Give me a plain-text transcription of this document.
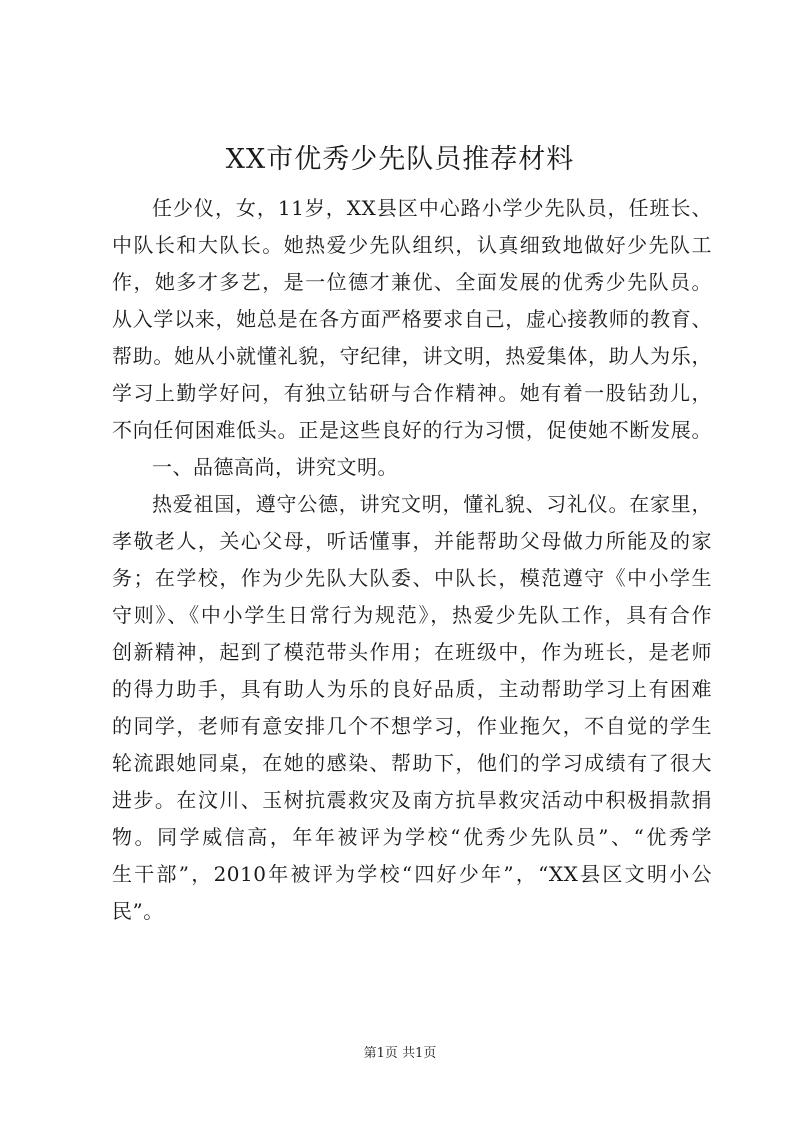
XX市优秀少先队员推荐材料
任少仪，女，11岁，XX县区中心路小学少先队员，任班长、
中队长和大队长。她热爱少先队组织，认真细致地做好少先队工
作，她多才多艺，是一位德才兼优、全面发展的优秀少先队员。
从入学以来，她总是在各方面严格要求自己，虚心接教师的教育、
帮助。她从小就懂礼貌，守纪律，讲文明，热爱集体，助人为乐，
学习上勤学好问，有独立钻研与合作精神。她有着一股钻劲儿，
不向任何困难低头。正是这些良好的行为习惯，促使她不断发展。
一、品德高尚，讲究文明。
热爱祖国，遵守公德，讲究文明，懂礼貌、习礼仪。在家里，
孝敬老人，关心父母，听话懂事，并能帮助父母做力所能及的家
务；在学校，作为少先队大队委、中队长，模范遵守《中小学生
守则》、《中小学生日常行为规范》，热爱少先队工作，具有合作
创新精神，起到了模范带头作用；在班级中，作为班长，是老师
的得力助手，具有助人为乐的良好品质，主动帮助学习上有困难
的同学，老师有意安排几个不想学习，作业拖欠，不自觉的学生
轮流跟她同桌，在她的感染、帮助下，他们的学习成绩有了很大
进步。在汶川、玉树抗震救灾及南方抗旱救灾活动中积极捐款捐
物。同学威信高，年年被评为学校“优秀少先队员”、“优秀学
生干部”，2010年被评为学校“四好少年”，“XX县区文明小公
民”。
第1页 共1页
